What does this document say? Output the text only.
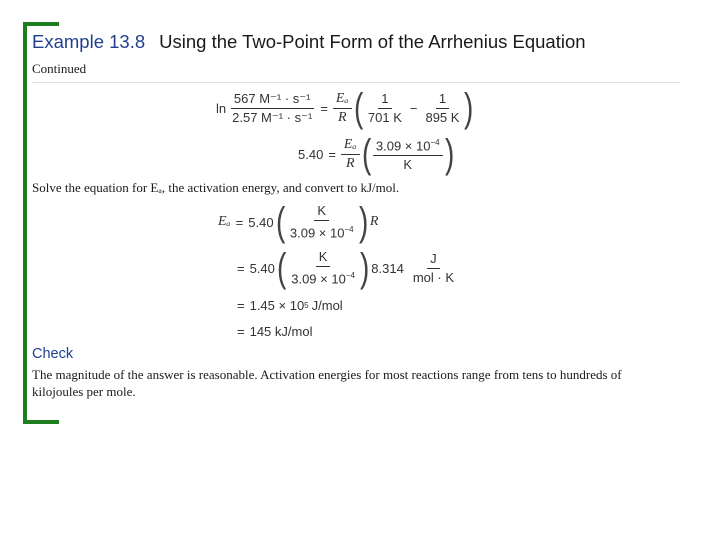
Example 13.8 Using the Two-Point Form of the Arrhenius Equation
Continued
$\ln \frac{\text{567 M⁻¹ · s⁻¹}}{\text{2.57 M⁻¹ · s⁻¹}} = \frac{\text{Eₐ}}{R}$ ( $\frac{1}{701 K} - \frac{1}{895 K}$ )
$5.40 = \frac{\text{Eₐ}}{R}$ ( $\frac{3.09 \times 10^{-4}}{K}$ )
Solve the equation for Eₐ, the activation energy, and convert to kJ/mol.
Eₐ = 5.40 ( $\frac{K}{3.09 \times 10^{-4}}$ ) R
= 5.40 ( $\frac{K}{3.09 \times 10^{-4}}$ ) $8.314 \frac{J}{\text{mol · K}}$
= 1.45 × 10 5 J/mol
= 145 kJ/mol
Check
The magnitude of the answer is reasonable. Activation energies for most reactions range from tens to hundreds of kilojoules per mole.
